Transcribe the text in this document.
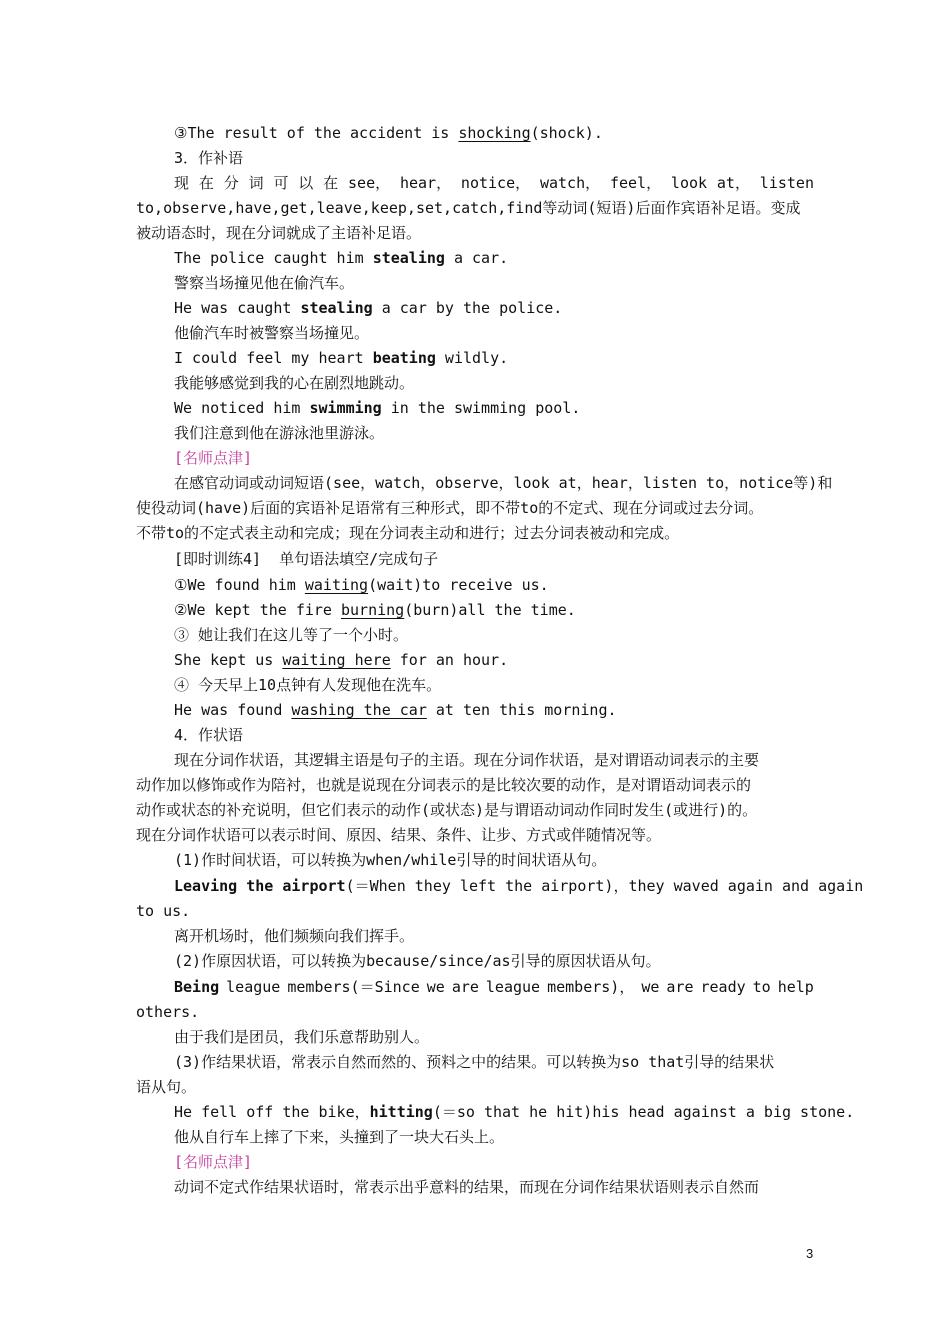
3
③The result of the accident is shocking(shock).
3．作补语
现 在 分 词 可 以 在 see， hear， notice， watch， feel， look at， listen
to,observe,have,get,leave,keep,set,catch,find等动词(短语)后面作宾语补足语。变成
被动语态时，现在分词就成了主语补足语。
The police caught him stealing a car.
警察当场撞见他在偷汽车。
He was caught stealing a car by the police.
他偷汽车时被警察当场撞见。
I could feel my heart beating wildly.
我能够感觉到我的心在剧烈地跳动。
We noticed him swimming in the swimming pool.
我们注意到他在游泳池里游泳。
[名师点津]
在感官动词或动词短语(see，watch，observe，look at，hear，listen to，notice等)和
使役动词(have)后面的宾语补足语常有三种形式，即不带to的不定式、现在分词或过去分词。
不带to的不定式表主动和完成；现在分词表主动和进行；过去分词表被动和完成。
[即时训练4]  单句语法填空/完成句子
①We found him waiting(wait)to receive us.
②We kept the fire burning(burn)all the time.
③ 她让我们在这儿等了一个小时。
She kept us waiting here for an hour.
④ 今天早上10点钟有人发现他在洗车。
He was found washing the car at ten this morning.
4．作状语
现在分词作状语，其逻辑主语是句子的主语。现在分词作状语，是对谓语动词表示的主要
动作加以修饰或作为陪衬，也就是说现在分词表示的是比较次要的动作，是对谓语动词表示的
动作或状态的补充说明，但它们表示的动作(或状态)是与谓语动词动作同时发生(或进行)的。
现在分词作状语可以表示时间、原因、结果、条件、让步、方式或伴随情况等。
(1)作时间状语，可以转换为when/while引导的时间状语从句。
Leaving the airport(＝When they left the airport)，they waved again and again
to us.
离开机场时，他们频频向我们挥手。
(2)作原因状语，可以转换为because/since/as引导的原因状语从句。
Being league members(＝Since we are league members)， we are ready to help
others.
由于我们是团员，我们乐意帮助别人。
(3)作结果状语，常表示自然而然的、预料之中的结果。可以转换为so that引导的结果状
语从句。
He fell off the bike，hitting(＝so that he hit)his head against a big stone.
他从自行车上摔了下来，头撞到了一块大石头上。
[名师点津]
动词不定式作结果状语时，常表示出乎意料的结果，而现在分词作结果状语则表示自然而
